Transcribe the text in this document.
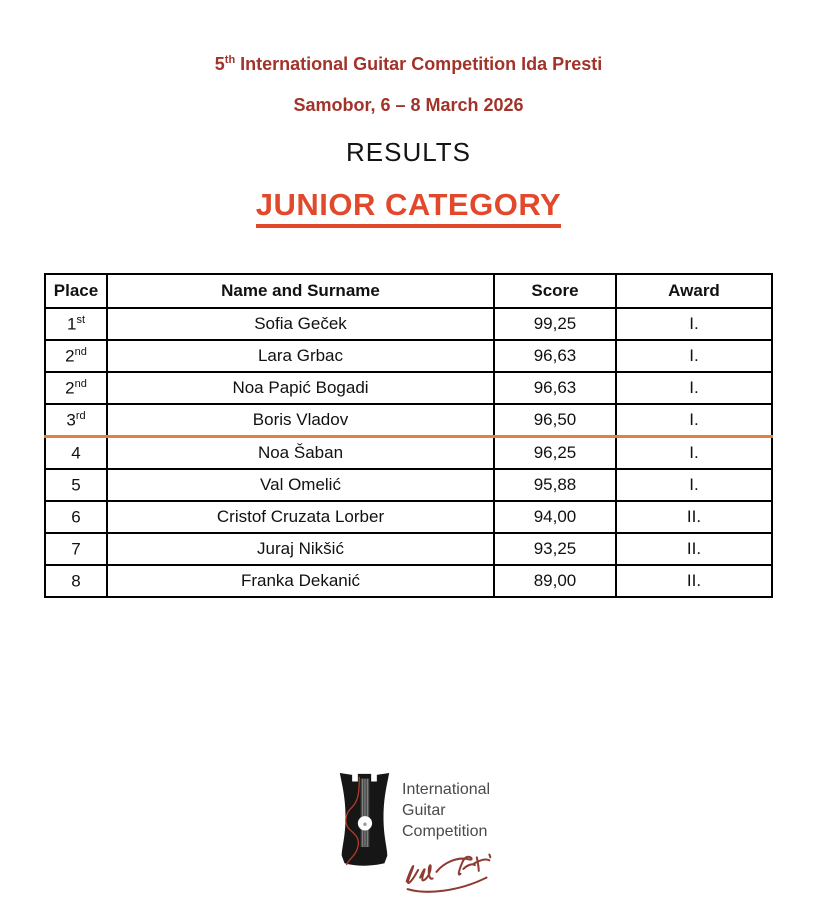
5th International Guitar Competition Ida Presti
Samobor, 6 – 8 March 2026
RESULTS
JUNIOR CATEGORY
Place	Name and Surname	Score	Award
1st	Sofia Geček	99,25	I.
2nd	Lara Grbac	96,63	I.
2nd	Noa Papić Bogadi	96,63	I.
3rd	Boris Vladov	96,50	I.
4	Noa Šaban	96,25	I.
5	Val Omelić	95,88	I.
6	Cristof Cruzata Lorber	94,00	II.
7	Juraj Nikšić	93,25	II.
8	Franka Dekanić	89,00	II.
International
Guitar
Competition
